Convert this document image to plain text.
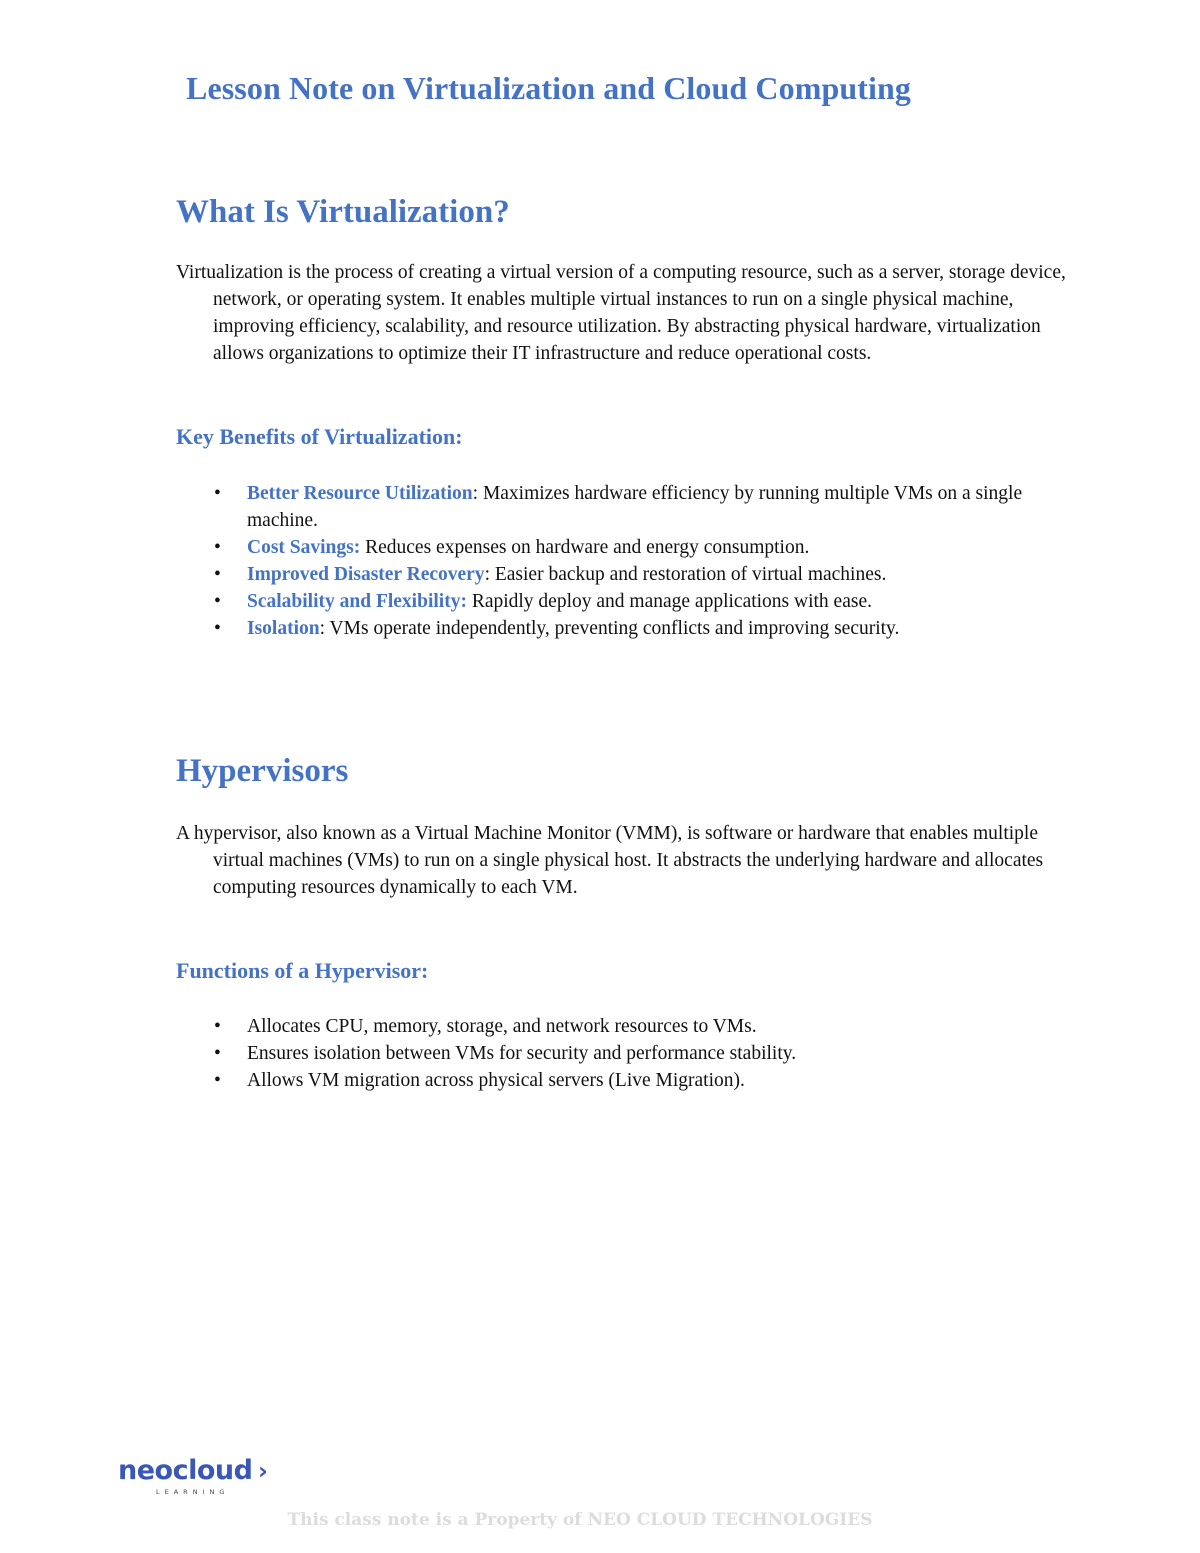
Lesson Note on Virtualization and Cloud Computing
What Is Virtualization?

Virtualization is the process of creating a virtual version of a computing resource, such as a server, storage device, network, or operating system. It enables multiple virtual instances to run on a single physical machine, improving efficiency, scalability, and resource utilization. By abstracting physical hardware, virtualization allows organizations to optimize their IT infrastructure and reduce operational costs.

Key Benefits of Virtualization:
• Better Resource Utilization: Maximizes hardware efficiency by running multiple VMs on a single machine.
• Cost Savings: Reduces expenses on hardware and energy consumption.
• Improved Disaster Recovery: Easier backup and restoration of virtual machines.
• Scalability and Flexibility: Rapidly deploy and manage applications with ease.
• Isolation: VMs operate independently, preventing conflicts and improving security.
Hypervisors

A hypervisor, also known as a Virtual Machine Monitor (VMM), is software or hardware that enables multiple virtual machines (VMs) to run on a single physical host. It abstracts the underlying hardware and allocates computing resources dynamically to each VM.

Functions of a Hypervisor:
• Allocates CPU, memory, storage, and network resources to VMs.
• Ensures isolation between VMs for security and performance stability.
• Allows VM migration across physical servers (Live Migration).
neocloud ›
LEARNING

This class note is a Property of NEO CLOUD TECHNOLOGIES
